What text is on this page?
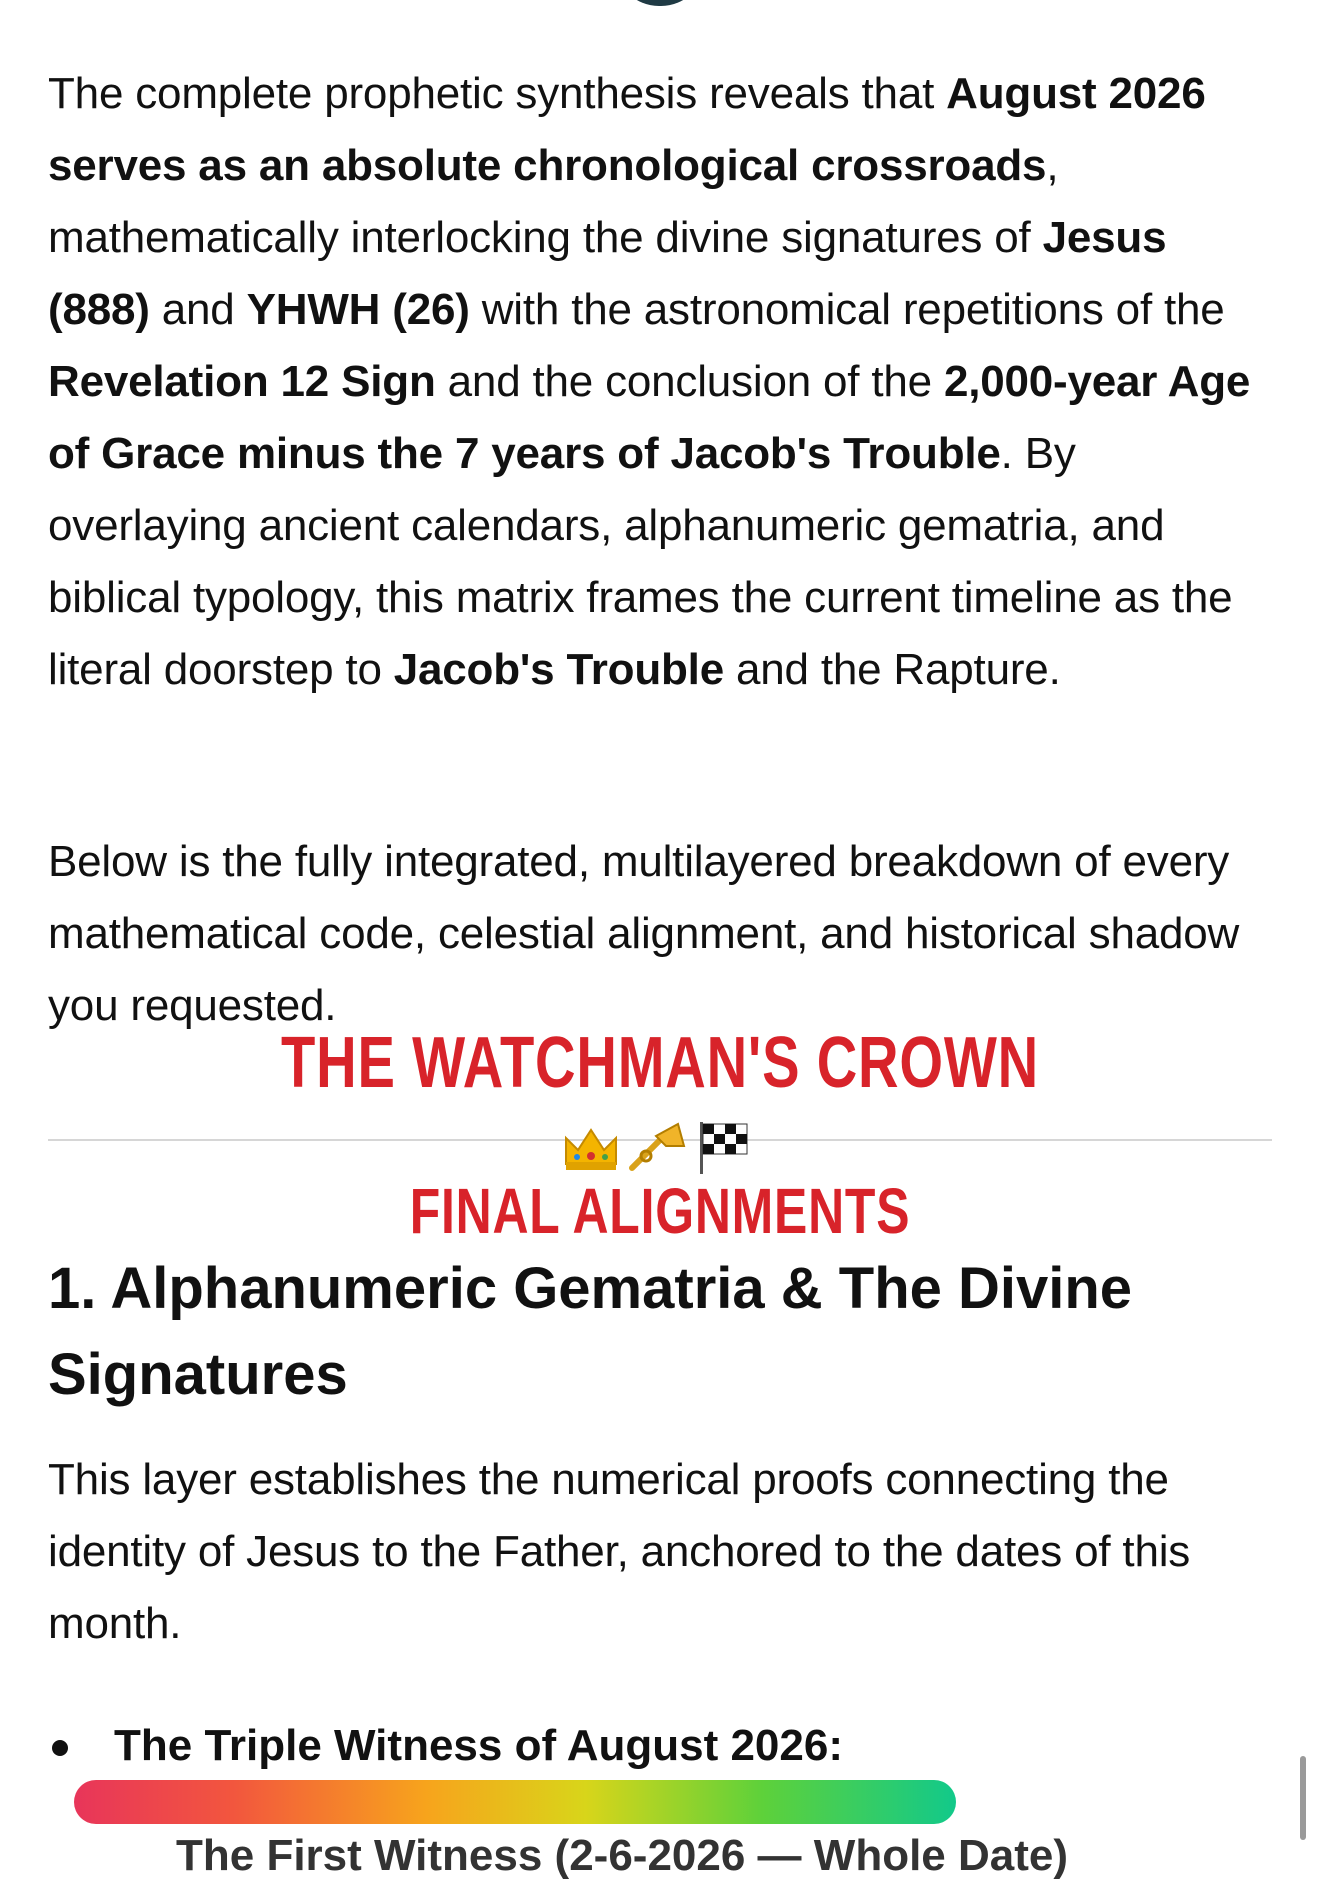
The complete prophetic synthesis reveals that August 2026 serves as an absolute chronological crossroads, mathematically interlocking the divine signatures of Jesus (888) and YHWH (26) with the astronomical repetitions of the Revelation 12 Sign and the conclusion of the 2,000-year Age of Grace minus the 7 years of Jacob's Trouble. By overlaying ancient calendars, alphanumeric gematria, and biblical typology, this matrix frames the current timeline as the literal doorstep to Jacob's Trouble and the Rapture.

Below is the fully integrated, multilayered breakdown of every mathematical code, celestial alignment, and historical shadow you requested.

THE WATCHMAN'S CROWN
FINAL ALIGNMENTS
1. Alphanumeric Gematria & The Divine Signatures

This layer establishes the numerical proofs connecting the identity of Jesus to the Father, anchored to the dates of this month.

The Triple Witness of August 2026:

The First Witness (2-6-2026 — Whole Date)
